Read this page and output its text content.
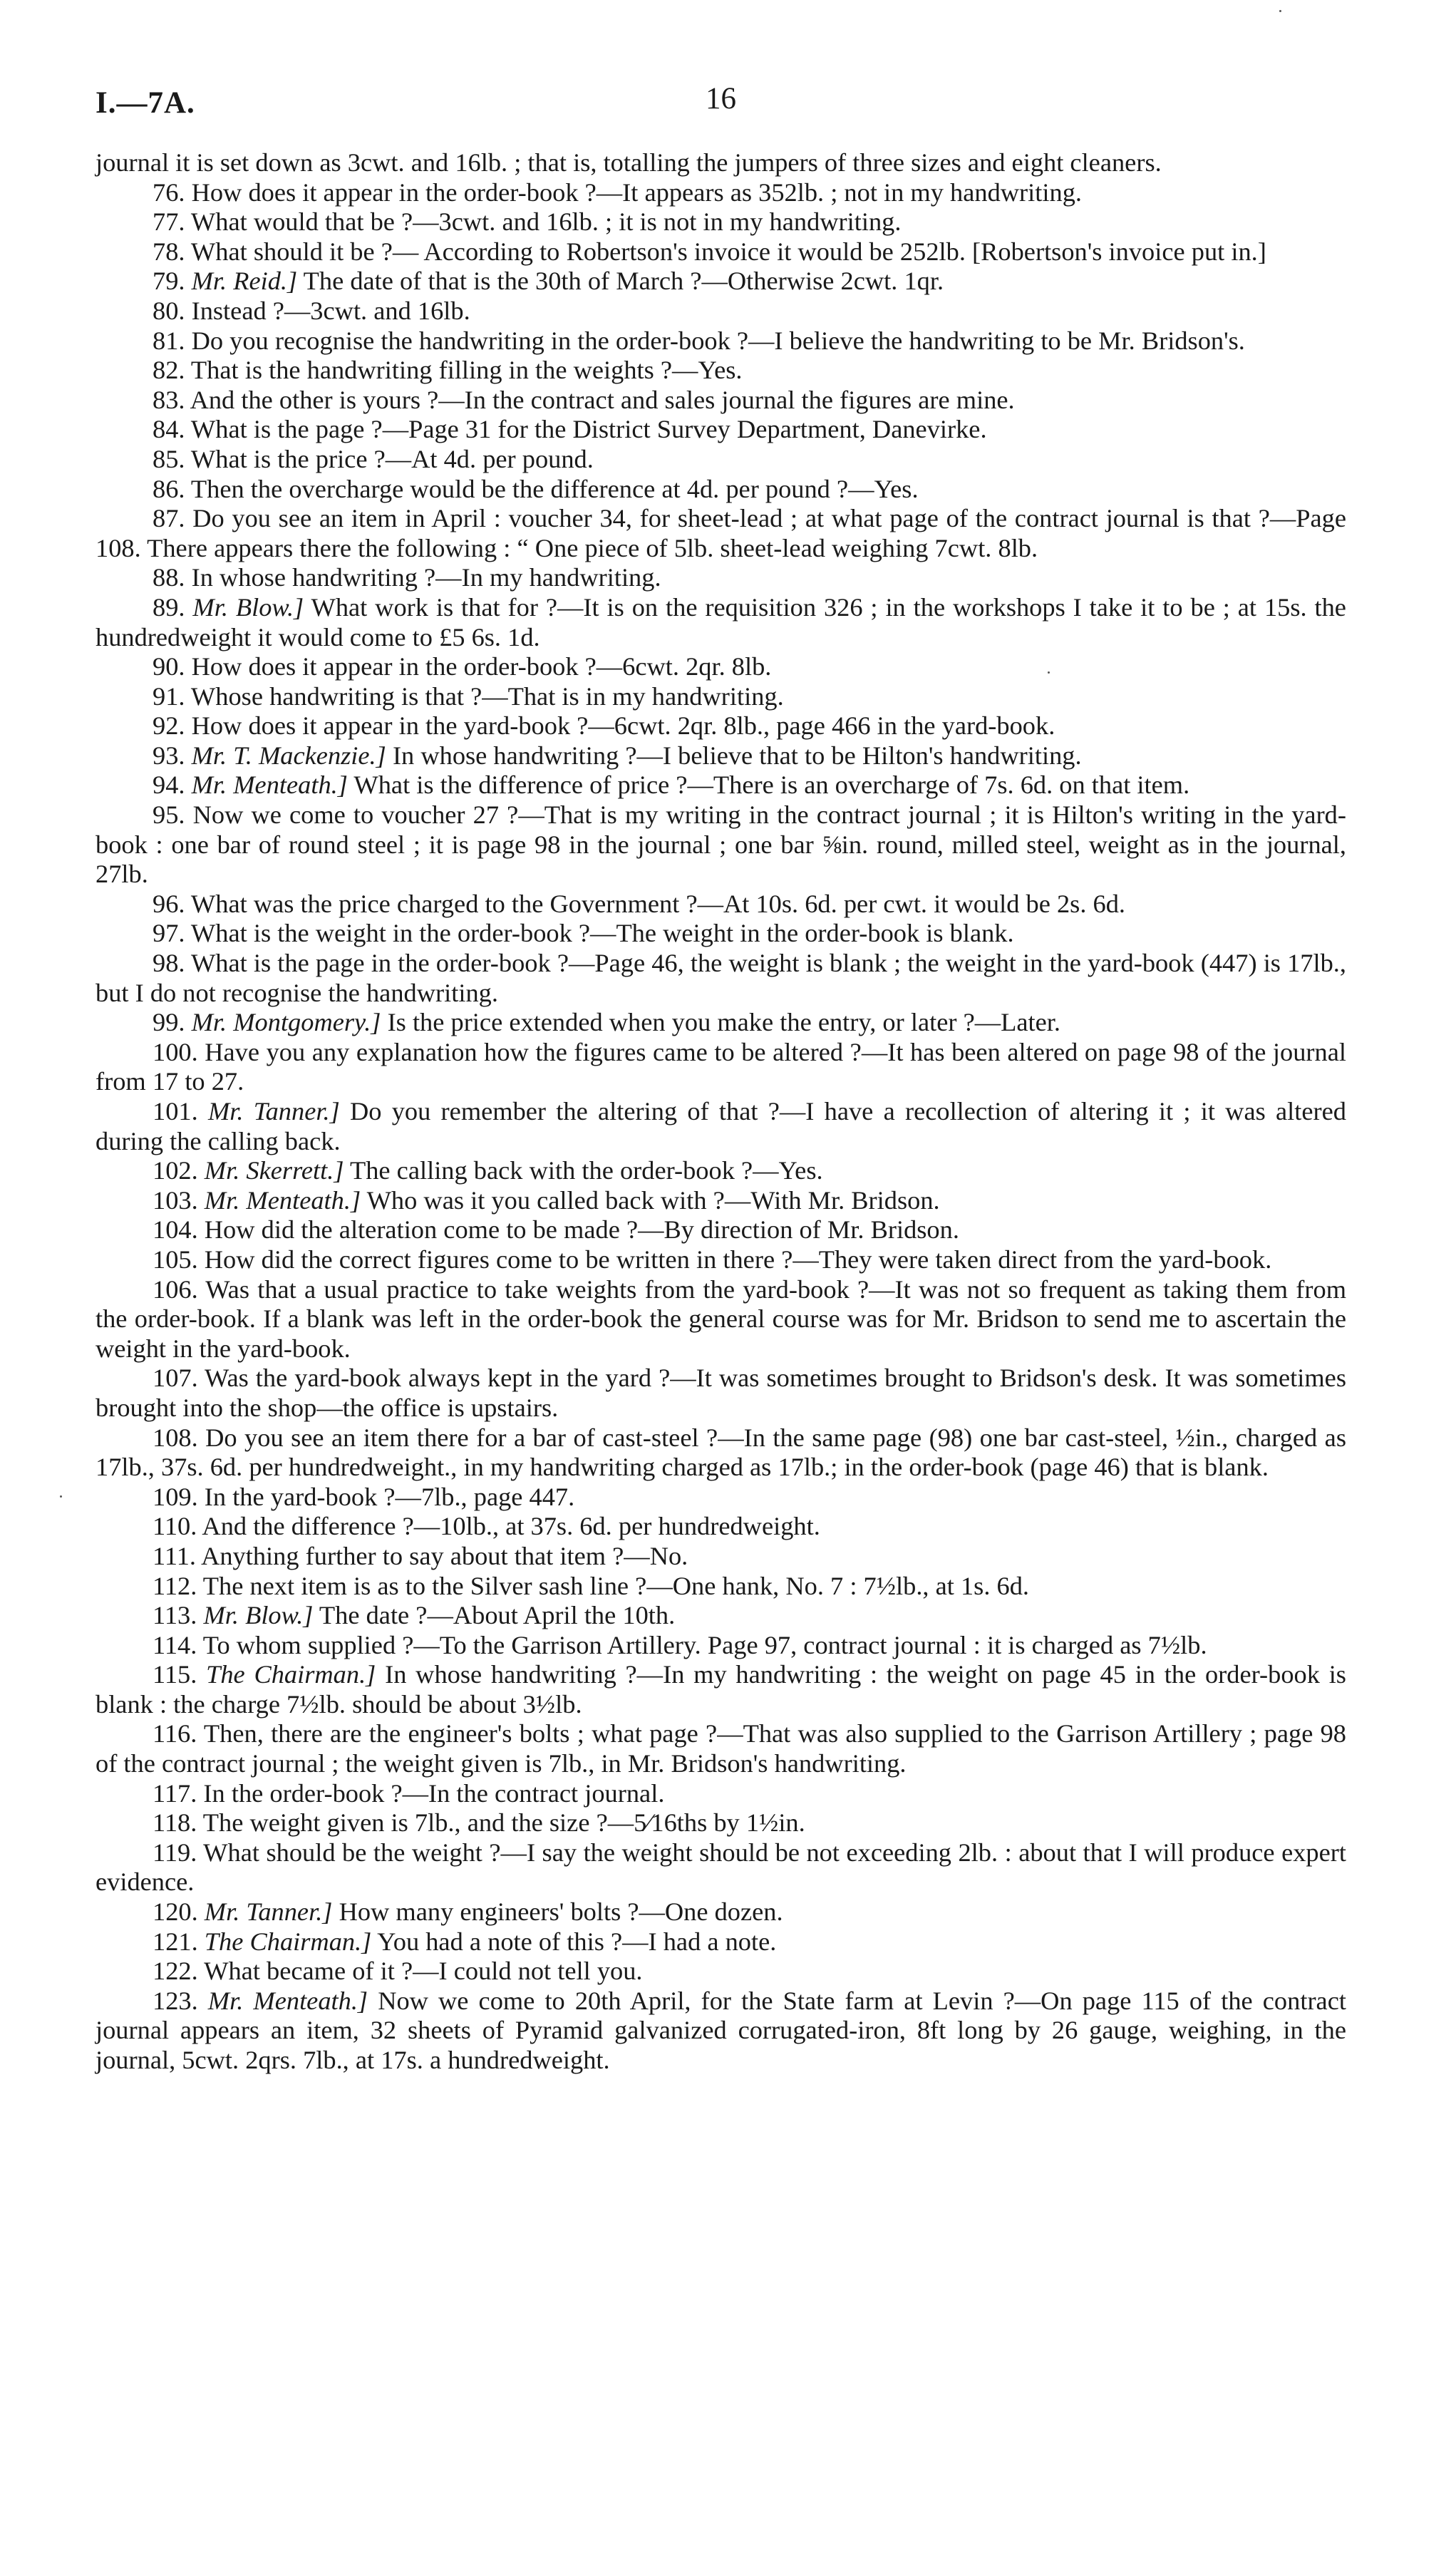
I.—7A.	16

journal it is set down as 3cwt. and 16lb. ; that is, totalling the jumpers of three sizes and eight cleaners.

76. How does it appear in the order-book ?—It appears as 352lb. ; not in my handwriting.

77. What would that be ?—3cwt. and 16lb. ; it is not in my handwriting.

78. What should it be ?— According to Robertson's invoice it would be 252lb. [Robertson's invoice put in.]

79. Mr. Reid.] The date of that is the 30th of March ?—Otherwise 2cwt. 1qr.

80. Instead ?—3cwt. and 16lb.

81. Do you recognise the handwriting in the order-book ?—I believe the handwriting to be Mr. Bridson's.

82. That is the handwriting filling in the weights ?—Yes.

83. And the other is yours ?—In the contract and sales journal the figures are mine.

84. What is the page ?—Page 31 for the District Survey Department, Danevirke.

85. What is the price ?—At 4d. per pound.

86. Then the overcharge would be the difference at 4d. per pound ?—Yes.

87. Do you see an item in April : voucher 34, for sheet-lead ; at what page of the contract journal is that ?—Page 108. There appears there the following : “ One piece of 5lb. sheet-lead weighing 7cwt. 8lb.

88. In whose handwriting ?—In my handwriting.

89. Mr. Blow.] What work is that for ?—It is on the requisition 326 ; in the workshops I take it to be ; at 15s. the hundredweight it would come to £5 6s. 1d.

90. How does it appear in the order-book ?—6cwt. 2qr. 8lb.

91. Whose handwriting is that ?—That is in my handwriting.

92. How does it appear in the yard-book ?—6cwt. 2qr. 8lb., page 466 in the yard-book.

93. Mr. T. Mackenzie.] In whose handwriting ?—I believe that to be Hilton's handwriting.

94. Mr. Menteath.] What is the difference of price ?—There is an overcharge of 7s. 6d. on that item.

95. Now we come to voucher 27 ?—That is my writing in the contract journal ; it is Hilton's writing in the yard-book : one bar of round steel ; it is page 98 in the journal ; one bar ⅝in. round, milled steel, weight as in the journal, 27lb.

96. What was the price charged to the Government ?—At 10s. 6d. per cwt. it would be 2s. 6d.

97. What is the weight in the order-book ?—The weight in the order-book is blank.

98. What is the page in the order-book ?—Page 46, the weight is blank ; the weight in the yard-book (447) is 17lb., but I do not recognise the handwriting.

99. Mr. Montgomery.] Is the price extended when you make the entry, or later ?—Later.

100. Have you any explanation how the figures came to be altered ?—It has been altered on page 98 of the journal from 17 to 27.

101. Mr. Tanner.] Do you remember the altering of that ?—I have a recollection of altering it ; it was altered during the calling back.

102. Mr. Skerrett.] The calling back with the order-book ?—Yes.

103. Mr. Menteath.] Who was it you called back with ?—With Mr. Bridson.

104. How did the alteration come to be made ?—By direction of Mr. Bridson.

105. How did the correct figures come to be written in there ?—They were taken direct from the yard-book.

106. Was that a usual practice to take weights from the yard-book ?—It was not so frequent as taking them from the order-book. If a blank was left in the order-book the general course was for Mr. Bridson to send me to ascertain the weight in the yard-book.

107. Was the yard-book always kept in the yard ?—It was sometimes brought to Bridson's desk. It was sometimes brought into the shop—the office is upstairs.

108. Do you see an item there for a bar of cast-steel ?—In the same page (98) one bar cast-steel, ½in., charged as 17lb., 37s. 6d. per hundredweight., in my handwriting charged as 17lb.; in the order-book (page 46) that is blank.

109. In the yard-book ?—7lb., page 447.

110. And the difference ?—10lb., at 37s. 6d. per hundredweight.

111. Anything further to say about that item ?—No.

112. The next item is as to the Silver sash line ?—One hank, No. 7 : 7½lb., at 1s. 6d.

113. Mr. Blow.] The date ?—About April the 10th.

114. To whom supplied ?—To the Garrison Artillery. Page 97, contract journal : it is charged as 7½lb.

115. The Chairman.] In whose handwriting ?—In my handwriting : the weight on page 45 in the order-book is blank : the charge 7½lb. should be about 3½lb.

116. Then, there are the engineer's bolts ; what page ?—That was also supplied to the Garrison Artillery ; page 98 of the contract journal ; the weight given is 7lb., in Mr. Bridson's handwriting.

117. In the order-book ?—In the contract journal.

118. The weight given is 7lb., and the size ?—5⁄16ths by 1½in.

119. What should be the weight ?—I say the weight should be not exceeding 2lb. : about that I will produce expert evidence.

120. Mr. Tanner.] How many engineers' bolts ?—One dozen.

121. The Chairman.] You had a note of this ?—I had a note.

122. What became of it ?—I could not tell you.

123. Mr. Menteath.] Now we come to 20th April, for the State farm at Levin ?—On page 115 of the contract journal appears an item, 32 sheets of Pyramid galvanized corrugated-iron, 8ft long by 26 gauge, weighing, in the journal, 5cwt. 2qrs. 7lb., at 17s. a hundredweight.
